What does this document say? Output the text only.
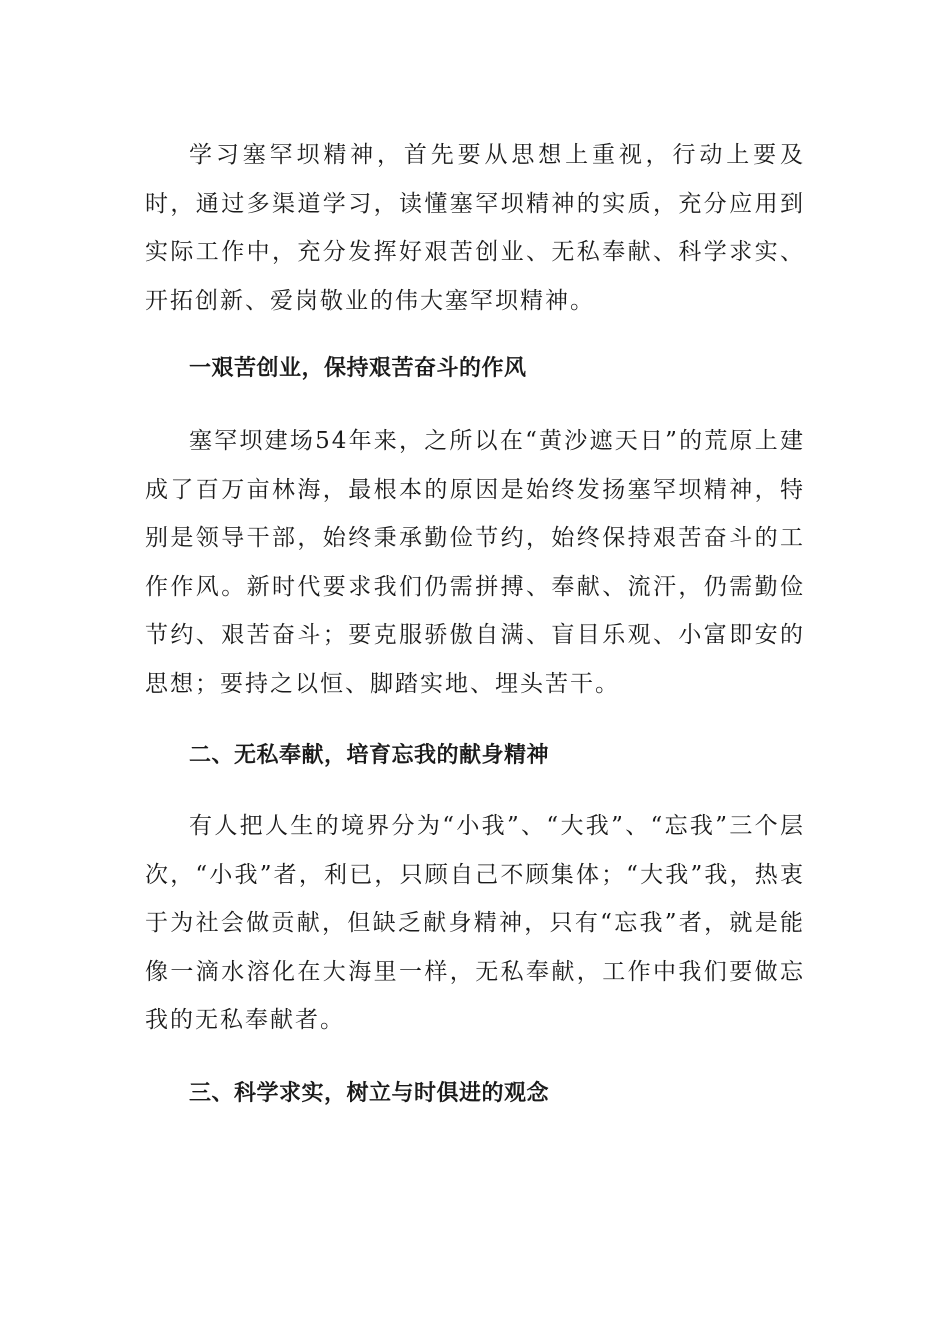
学习塞罕坝精神，首先要从思想上重视，行动上要及时，通过多渠道学习，读懂塞罕坝精神的实质，充分应用到实际工作中，充分发挥好艰苦创业、无私奉献、科学求实、开拓创新、爱岗敬业的伟大塞罕坝精神。

一艰苦创业，保持艰苦奋斗的作风

塞罕坝建场54年来，之所以在“黄沙遮天日”的荒原上建成了百万亩林海，最根本的原因是始终发扬塞罕坝精神，特别是领导干部，始终秉承勤俭节约，始终保持艰苦奋斗的工作作风。新时代要求我们仍需拼搏、奉献、流汗，仍需勤俭节约、艰苦奋斗；要克服骄傲自满、盲目乐观、小富即安的思想；要持之以恒、脚踏实地、埋头苦干。

二、无私奉献，培育忘我的献身精神

有人把人生的境界分为“小我”、“大我”、“忘我”三个层次，“小我”者，利已，只顾自己不顾集体；“大我”我，热衷于为社会做贡献，但缺乏献身精神，只有“忘我”者，就是能像一滴水溶化在大海里一样，无私奉献，工作中我们要做忘我的无私奉献者。

三、科学求实，树立与时俱进的观念
